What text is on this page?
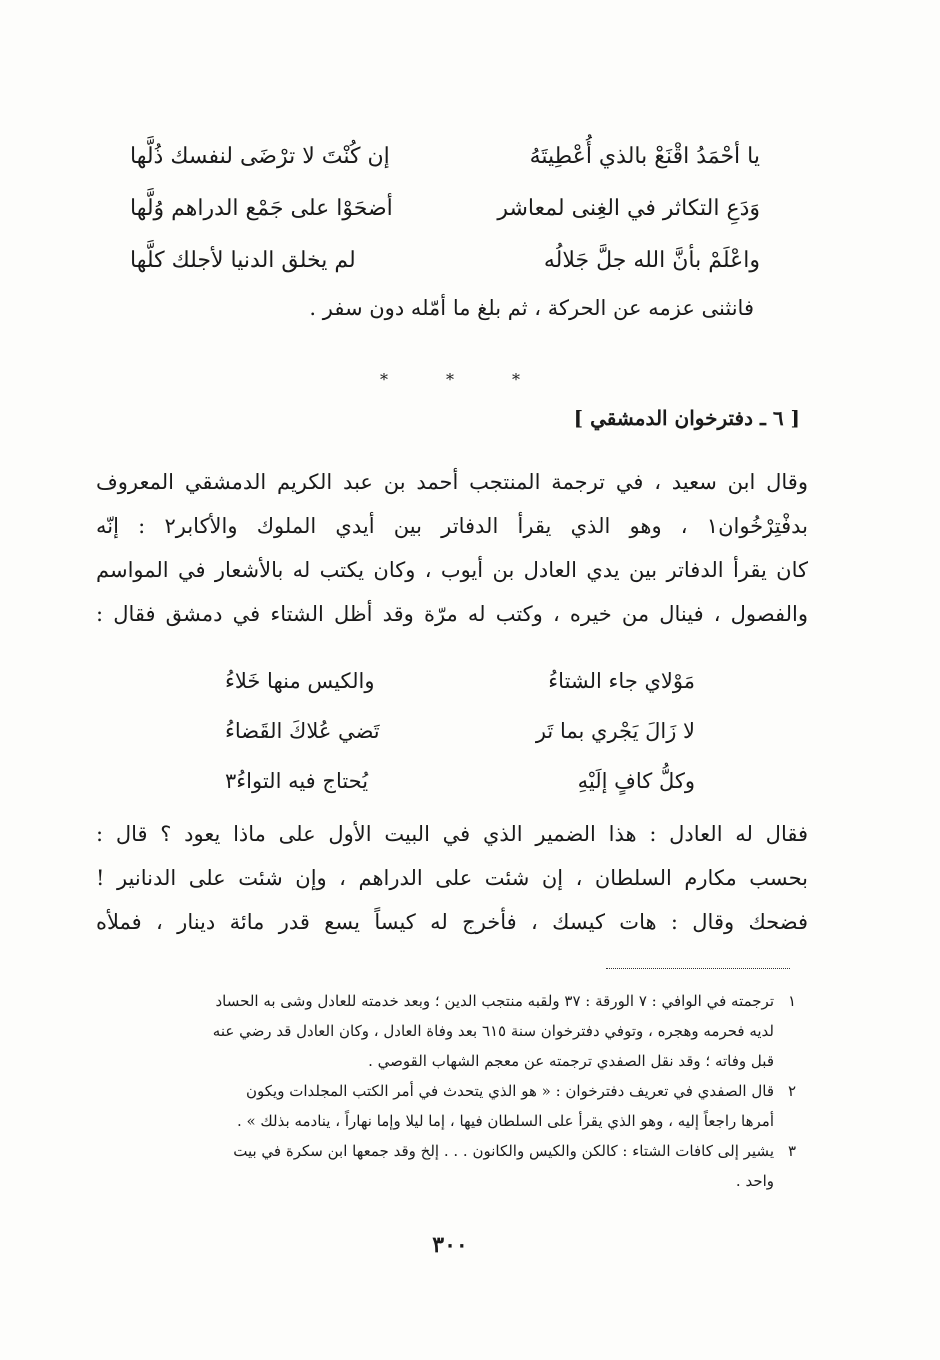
يا أحْمَدُ اقْنَعْ بالذي أُعْطِيتَهُ
إن كُنْتَ لا ترْضَى لنفسك ذُلَّها
وَدَعِ التكاثر في الغِنى لمعاشر
أضحَوْا على جَمْع الدراهم وُلَّها
واعْلَمْ بأنَّ الله جلَّ جَلالُه
لم يخلق الدنيا لأجلك كلَّها
فانثنى عزمه عن الحركة ، ثم بلغ ما أمّله دون سفر .
*	*	*
[ ٦ ـ دفترخوان الدمشقي ]
وقال ابن سعيد ، في ترجمة المنتجب أحمد بن عبد الكريم الدمشقي المعروف
بدفْتِرْخُوان١ ، وهو الذي يقرأ الدفاتر بين أيدي الملوك والأكابر٢ : إنّه
كان يقرأ الدفاتر بين يدي العادل بن أيوب ، وكان يكتب له بالأشعار في المواسم
والفصول ، فينال من خيره ، وكتب له مرّة وقد أظل الشتاء في دمشق فقال :
مَوْلاي جاء الشتاءُ
والكيس منها خَلاءُ
لا زَالَ يَجْري بما تَر
تَضي عُلاكَ القَضاءُ
وكلُّ كافٍ إلَيْهِ
يُحتاج فيه التواءُ٣
فقال له العادل : هذا الضمير الذي في البيت الأول على ماذا يعود ؟ قال :
بحسب مكارم السلطان ، إن شئت على الدراهم ، وإن شئت على الدنانير !
فضحك وقال : هات كيسك ، فأخرج له كيساً يسع قدر مائة دينار ، فملأه
١
ترجمته في الوافي : ٧ الورقة : ٣٧ ولقبه منتجب الدين ؛ وبعد خدمته للعادل وشى به الحساد
لديه فحرمه وهجره ، وتوفي دفترخوان سنة ٦١٥ بعد وفاة العادل ، وكان العادل قد رضي عنه
قبل وفاته ؛ وقد نقل الصفدي ترجمته عن معجم الشهاب القوصي .
٢
قال الصفدي في تعريف دفترخوان : « هو الذي يتحدث في أمر الكتب المجلدات ويكون
أمرها راجعاً إليه ، وهو الذي يقرأ على السلطان فيها ، إما ليلا وإما نهاراً ، ينادمه بذلك » .
٣
يشير إلى كافات الشتاء : كالكن والكيس والكانون . . . إلخ وقد جمعها ابن سكرة في بيت
واحد .
٣٠٠
